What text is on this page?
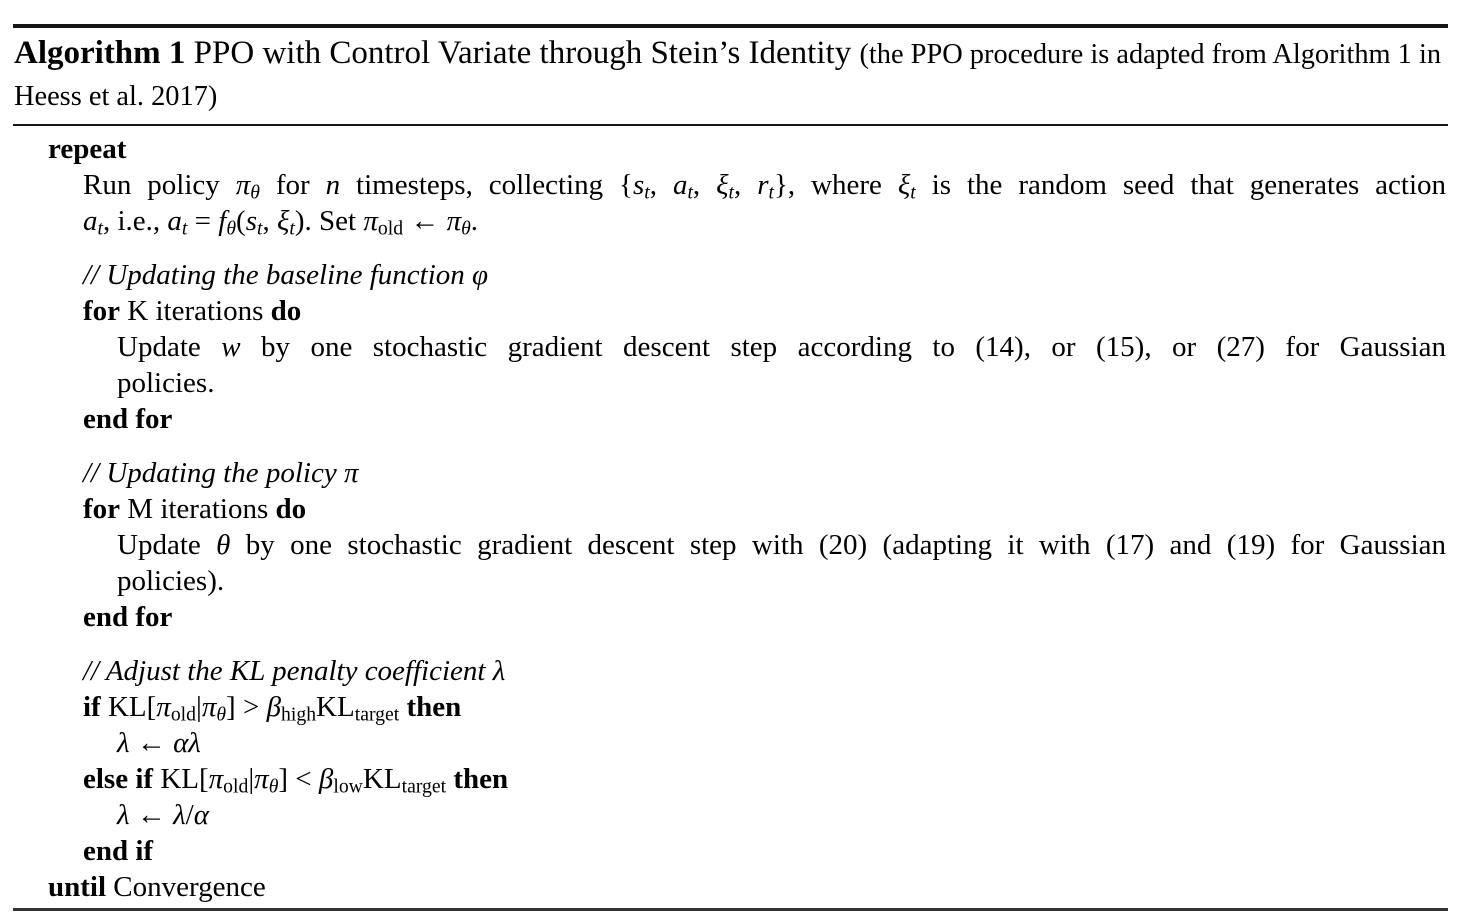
Algorithm 1 PPO with Control Variate through Stein’s Identity (the PPO procedure is adapted from Algorithm 1 in Heess et al. 2017)
repeat
Run policy πθ for n timesteps, collecting {st, at, ξt, rt}, where ξt is the random seed that generates action
at, i.e., at = fθ(st, ξt). Set πold ← πθ.
// Updating the baseline function φ
for K iterations do
Update w by one stochastic gradient descent step according to (14), or (15), or (27) for Gaussian
policies.
end for
// Updating the policy π
for M iterations do
Update θ by one stochastic gradient descent step with (20) (adapting it with (17) and (19) for Gaussian
policies).
end for
// Adjust the KL penalty coefficient λ
if KL[πold|πθ] > βhighKLtarget then
λ ← αλ
else if KL[πold|πθ] < βlowKLtarget then
λ ← λ/α
end if
until Convergence
